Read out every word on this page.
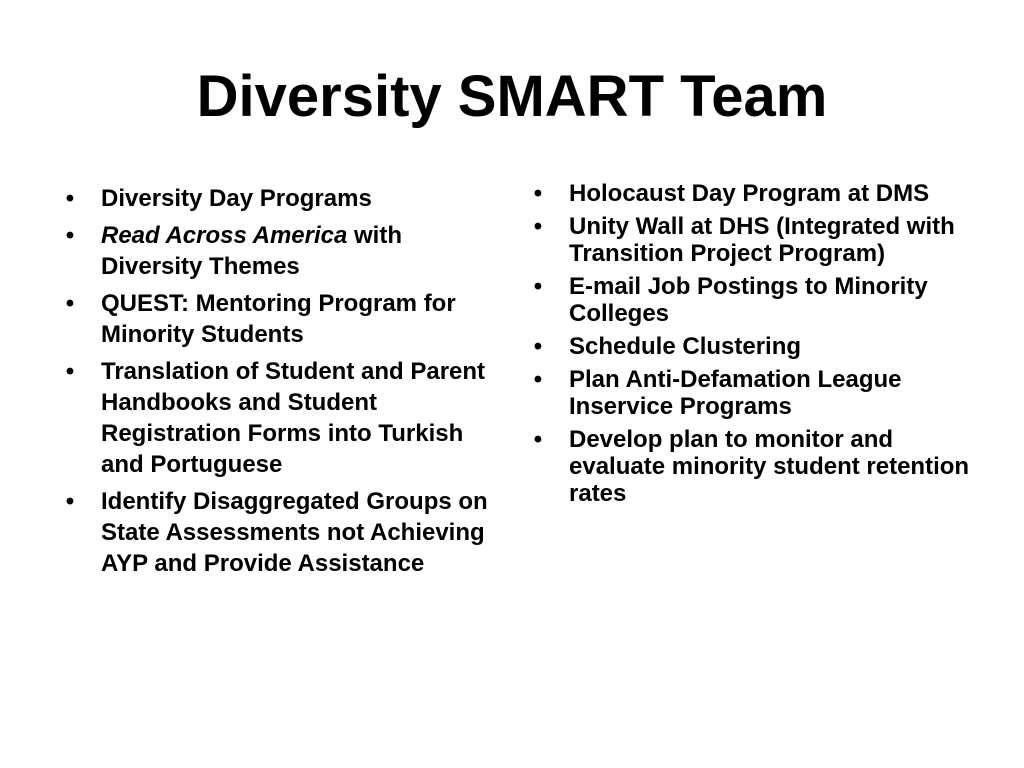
Diversity SMART Team
• Diversity Day Programs
• Read Across America with Diversity Themes
• QUEST: Mentoring Program for Minority Students
• Translation of Student and Parent Handbooks and Student Registration Forms into Turkish and Portuguese
• Identify Disaggregated Groups on State Assessments not Achieving AYP and Provide Assistance
• Holocaust Day Program at DMS
• Unity Wall at DHS (Integrated with Transition Project Program)
• E-mail Job Postings to Minority Colleges
• Schedule Clustering
• Plan Anti-Defamation League Inservice Programs
• Develop plan to monitor and evaluate minority student retention rates
